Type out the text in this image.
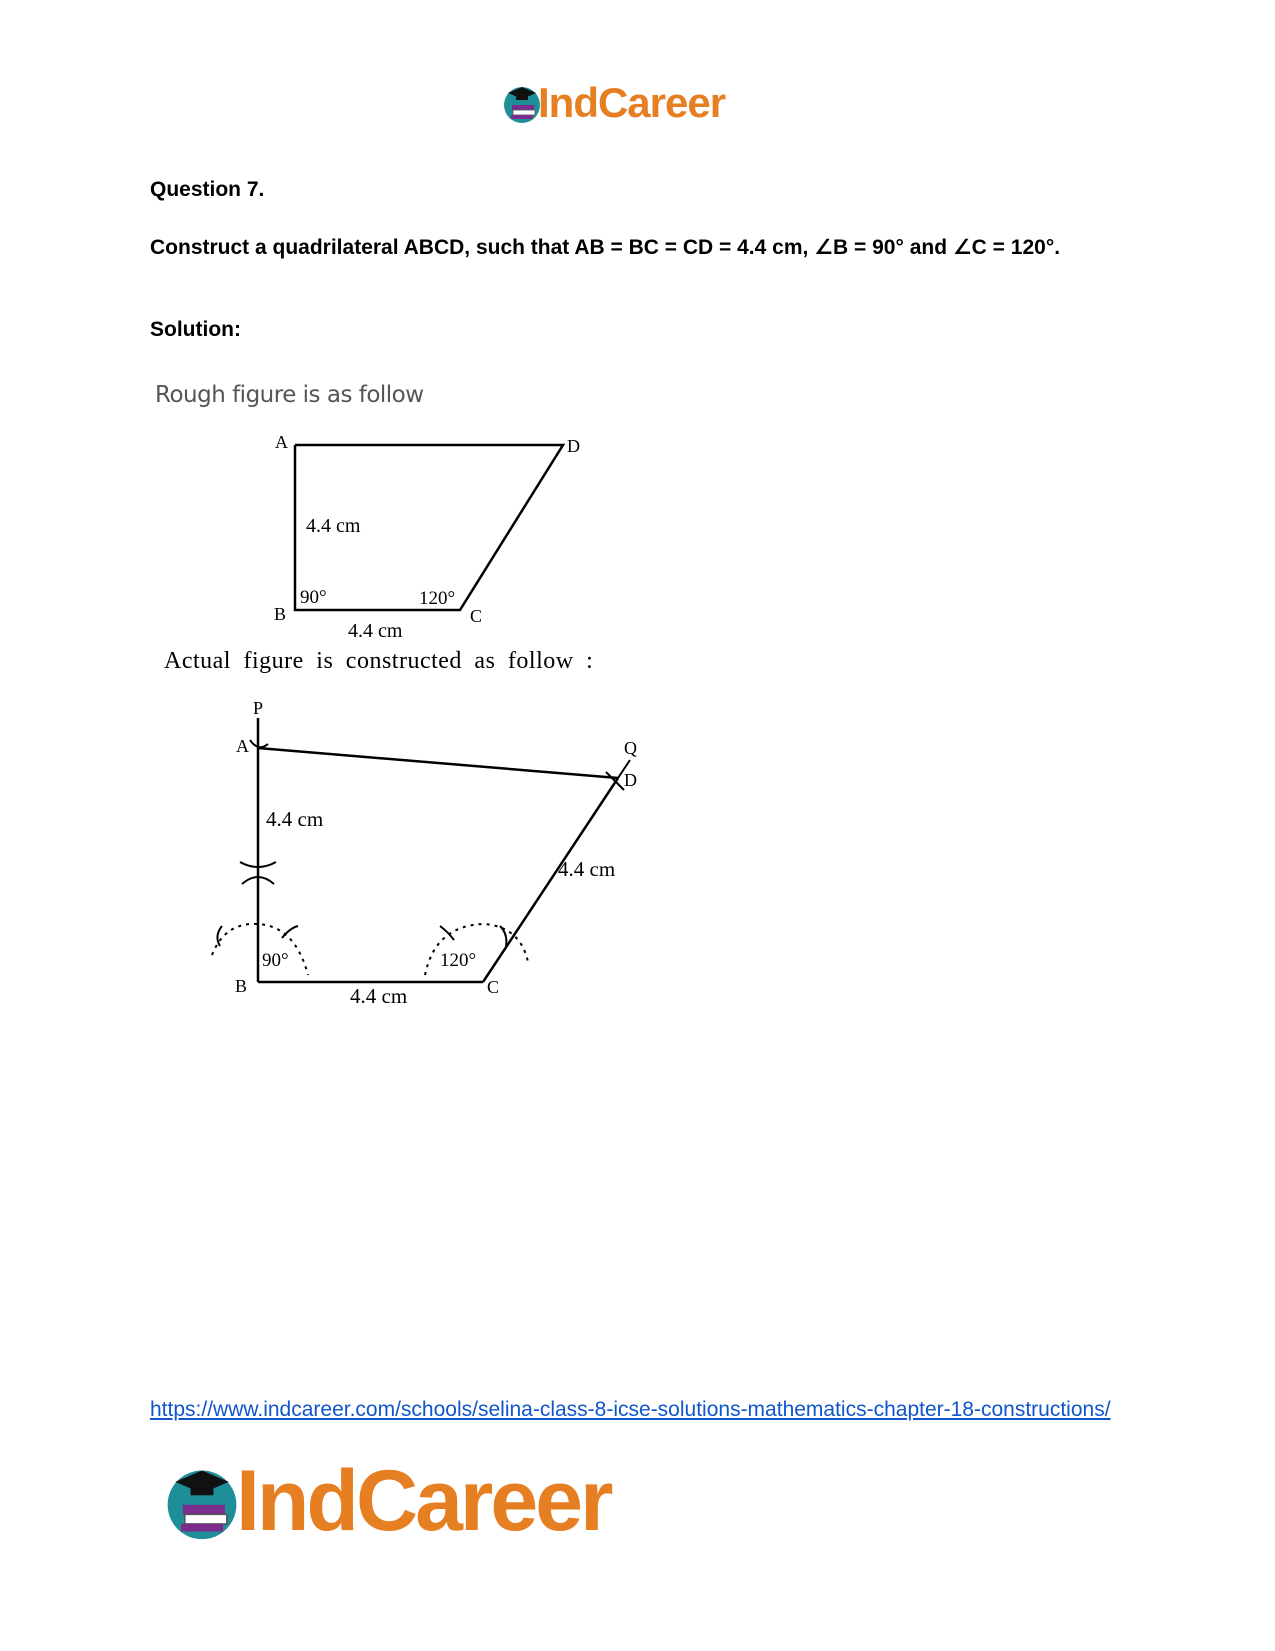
IndCareer
Question 7.
Construct a quadrilateral ABCD, such that AB = BC = CD = 4.4 cm, ∠B = 90° and ∠C = 120°.
Solution:
Rough figure is as follow
Actual figure is constructed as follow :
A	D
B	C
4.4 cm
4.4 cm
90°	120°
P
Q
A
D
B	C
4.4 cm
4.4 cm
4.4 cm
90°	120°
https://www.indcareer.com/schools/selina-class-8-icse-solutions-mathematics-chapter-18-constructions/
IndCareer
